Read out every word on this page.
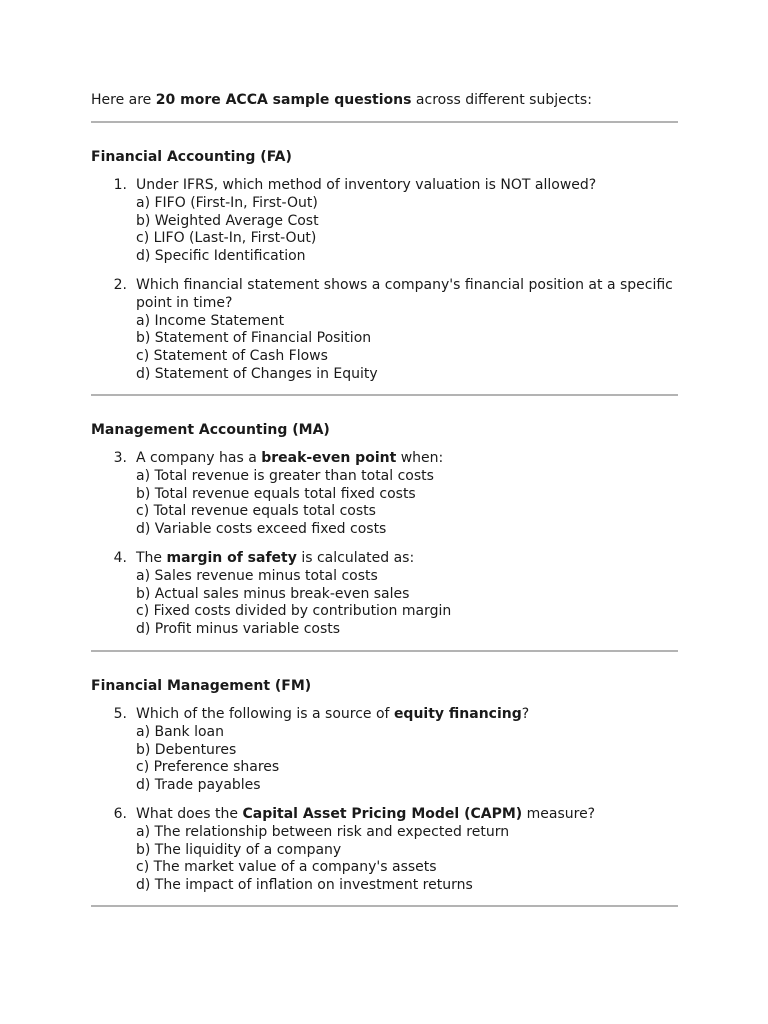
Here are 20 more ACCA sample questions across different subjects:
Financial Accounting (FA)
1. Under IFRS, which method of inventory valuation is NOT allowed?
a) FIFO (First-In, First-Out)
b) Weighted Average Cost
c) LIFO (Last-In, First-Out)
d) Specific Identification
2. Which financial statement shows a company's financial position at a specific
point in time?
a) Income Statement
b) Statement of Financial Position
c) Statement of Cash Flows
d) Statement of Changes in Equity
Management Accounting (MA)
3. A company has a break-even point when:
a) Total revenue is greater than total costs
b) Total revenue equals total fixed costs
c) Total revenue equals total costs
d) Variable costs exceed fixed costs
4. The margin of safety is calculated as:
a) Sales revenue minus total costs
b) Actual sales minus break-even sales
c) Fixed costs divided by contribution margin
d) Profit minus variable costs
Financial Management (FM)
5. Which of the following is a source of equity financing?
a) Bank loan
b) Debentures
c) Preference shares
d) Trade payables
6. What does the Capital Asset Pricing Model (CAPM) measure?
a) The relationship between risk and expected return
b) The liquidity of a company
c) The market value of a company's assets
d) The impact of inflation on investment returns
